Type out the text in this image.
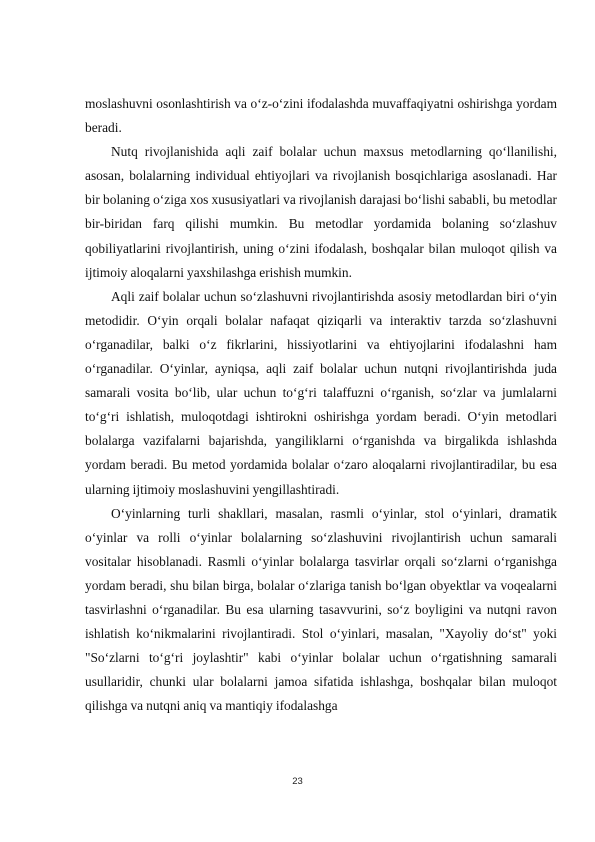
moslashuvni osonlashtirish va o‘z-o‘zini ifodalashda muvaffaqiyatni oshirishga yordam beradi.

Nutq rivojlanishida aqli zaif bolalar uchun maxsus metodlarning qo‘llanilishi, asosan, bolalarning individual ehtiyojlari va rivojlanish bosqichlariga asoslanadi. Har bir bolaning o‘ziga xos xususiyatlari va rivojlanish darajasi bo‘lishi sababli, bu metodlar bir-biridan farq qilishi mumkin. Bu metodlar yordamida bolaning so‘zlashuv qobiliyatlarini rivojlantirish, uning o‘zini ifodalash, boshqalar bilan muloqot qilish va ijtimoiy aloqalarni yaxshilashga erishish mumkin.

Aqli zaif bolalar uchun so‘zlashuvni rivojlantirishda asosiy metodlardan biri o‘yin metodidir. O‘yin orqali bolalar nafaqat qiziqarli va interaktiv tarzda so‘zlashuvni o‘rganadilar, balki o‘z fikrlarini, hissiyotlarini va ehtiyojlarini ifodalashni ham o‘rganadilar. O‘yinlar, ayniqsa, aqli zaif bolalar uchun nutqni rivojlantirishda juda samarali vosita bo‘lib, ular uchun to‘g‘ri talaffuzni o‘rganish, so‘zlar va jumlalarni to‘g‘ri ishlatish, muloqotdagi ishtirokni oshirishga yordam beradi. O‘yin metodlari bolalarga vazifalarni bajarishda, yangiliklarni o‘rganishda va birgalikda ishlashda yordam beradi. Bu metod yordamida bolalar o‘zaro aloqalarni rivojlantiradilar, bu esa ularning ijtimoiy moslashuvini yengillashtiradi.

O‘yinlarning turli shakllari, masalan, rasmli o‘yinlar, stol o‘yinlari, dramatik o‘yinlar va rolli o‘yinlar bolalarning so‘zlashuvini rivojlantirish uchun samarali vositalar hisoblanadi. Rasmli o‘yinlar bolalarga tasvirlar orqali so‘zlarni o‘rganishga yordam beradi, shu bilan birga, bolalar o‘zlariga tanish bo‘lgan obyektlar va voqealarni tasvirlashni o‘rganadilar. Bu esa ularning tasavvurini, so‘z boyligini va nutqni ravon ishlatish ko‘nikmalarini rivojlantiradi. Stol o‘yinlari, masalan, "Xayoliy do‘st" yoki "So‘zlarni to‘g‘ri joylashtir" kabi o‘yinlar bolalar uchun o‘rgatishning samarali usullaridir, chunki ular bolalarni jamoa sifatida ishlashga, boshqalar bilan muloqot qilishga va nutqni aniq va mantiqiy ifodalashga

23
